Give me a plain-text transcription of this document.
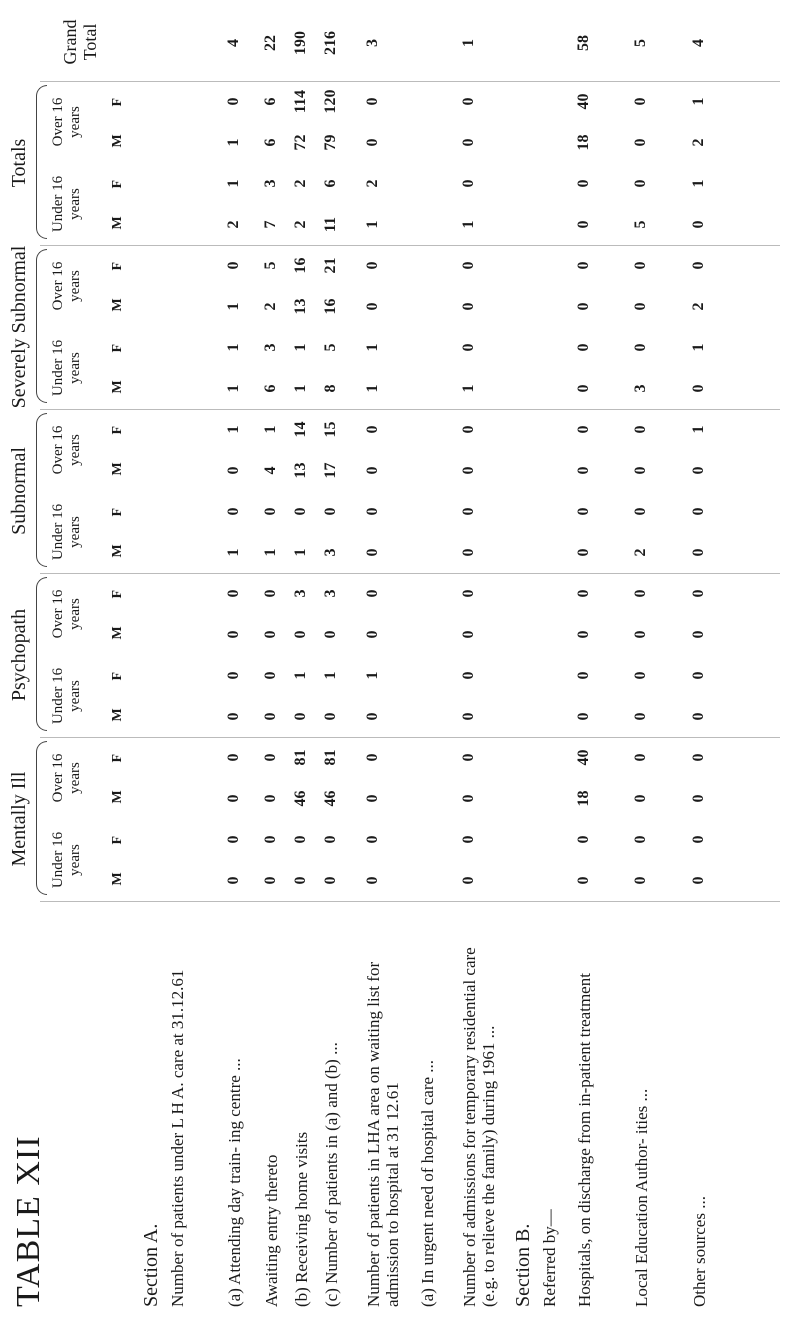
TABLE XII
Mentally Ill
Psychopath
Subnormal
Severely Subnormal
Totals
Grand Total
Under 16 years
Over 16 years
Under 16 years
Over 16 years
Under 16 years
Over 16 years
Under 16 years
Over 16 years
Under 16 years
Over 16 years
M
F
M
F
M
F
M
F
M
F
M
F
M
F
M
F
M
F
M
F
Section A.	Section B.
Number of patients under L H A. care at 31.12.61 (a) Attending day train- ing centre ... Awaiting entry thereto (b) Receiving home visits (c) Number of patients in (a) and (b) ... Number of patients in LHA area on waiting list for admission to hospital at 31 12.61 (a) In urgent need of hospital care ... Number of admissions for temporary residential care (e.g. to relieve the family) during 1961 ... Referred by— Hospitals, on discharge from in-patient treatment Local Education Author- ities ... Other sources ...
0
0
0
0
0
0
0
0
1
0
0
1
1
1
1
0
2
1
1
0
4
0
0
0
0
0
0
0
0
1
0
4
1
6
3
2
5
7
3
6
6
22
0
0
46
81
0
1
0
3
1
0
13
14
1
1
13
16
2
2
72
114
190
0
0
46
81
0
1
0
3
3
0
17
15
8
5
16
21
11
6
79
120
216
0
0
0
0
0
1
0
0
0
0
0
0
1
1
0
0
1
2
0
0
3
0
0
0
0
0
0
0
0
0
0
0
0
1
0
0
0
1
0
0
0
1
0
0
18
40
0
0
0
0
0
0
0
0
0
0
0
0
0
0
18
40
58
0
0
0
0
0
0
0
0
2
0
0
0
3
0
0
0
5
0
0
0
5
0
0
0
0
0
0
0
0
0
0
0
1
0
1
2
0
0
1
2
1
4
